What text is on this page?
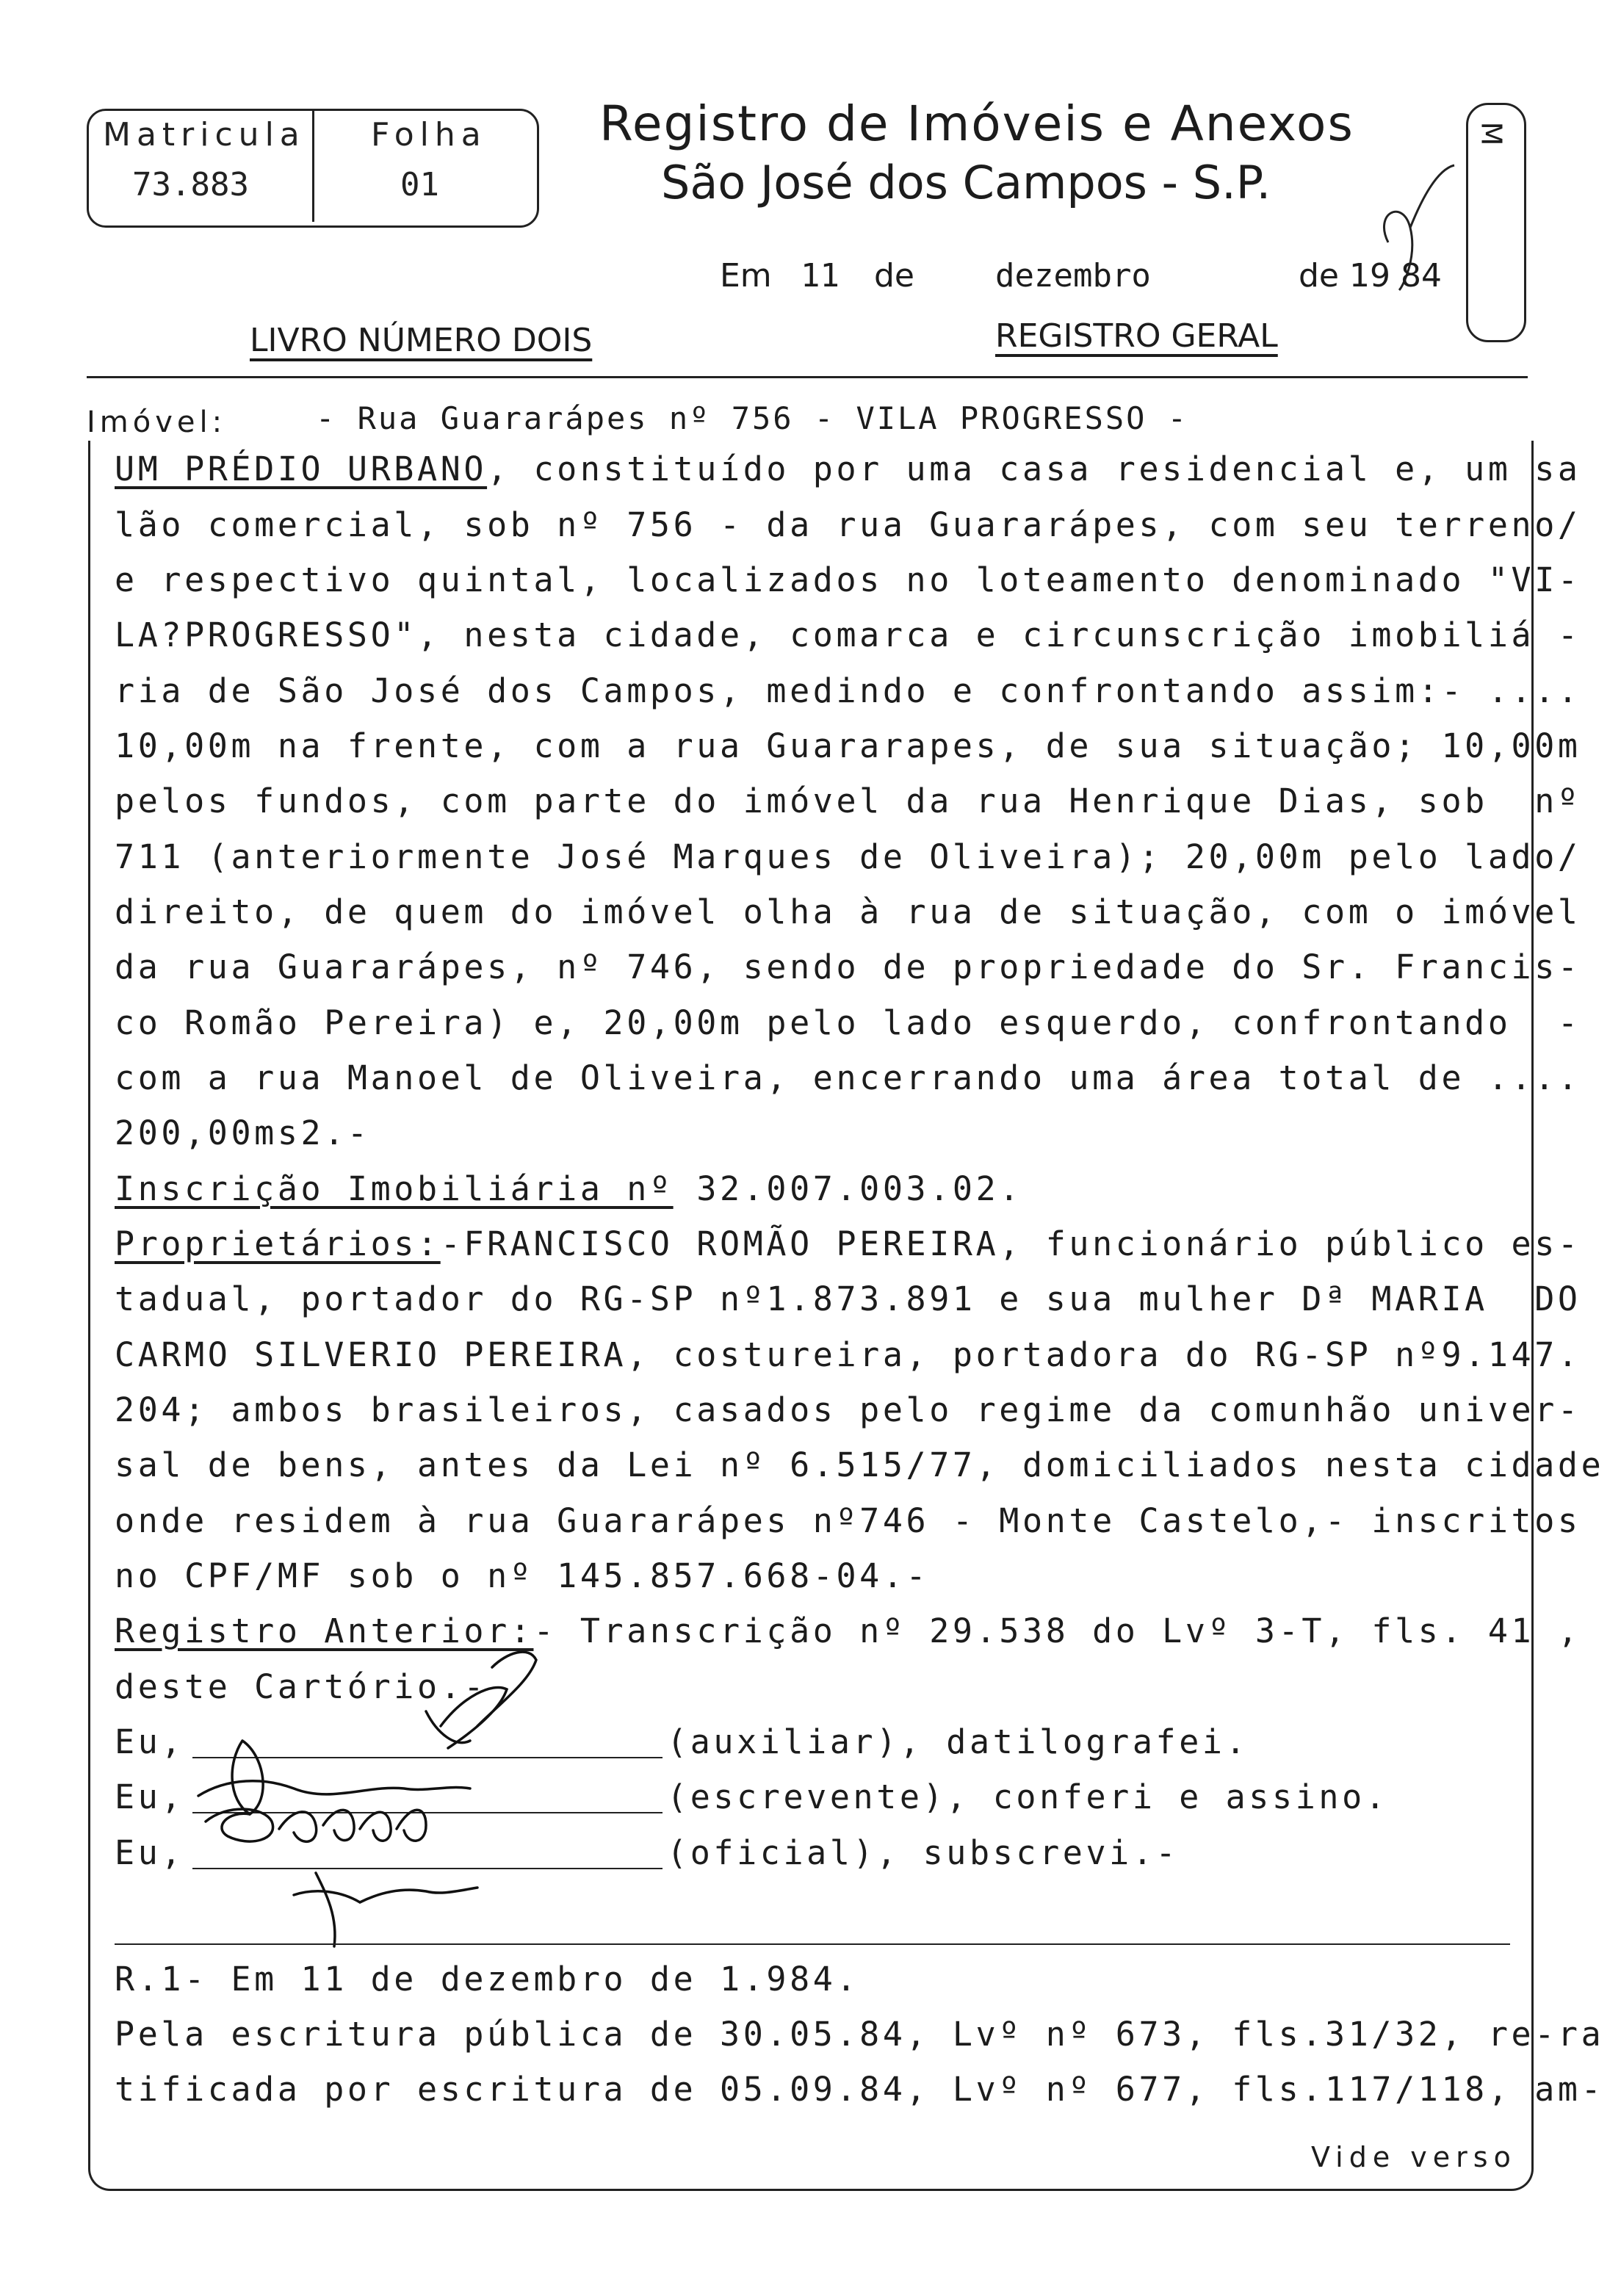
Matricula Folha
73.883	01
Registro de Imóveis e Anexos
São José dos Campos - S.P.
M
Em 11 de	dezembro	de 19 84
LIVRO NÚMERO DOIS	REGISTRO GERAL
Imóvel:	- Rua Guararápes nº 756 - VILA PROGRESSO -
UM PRÉDIO URBANO, constituído por uma casa residencial e, um sa
lão comercial, sob nº 756 - da rua Guararápes, com seu terreno/
e respectivo quintal, localizados no loteamento denominado "VI-
LA?PROGRESSO", nesta cidade, comarca e circunscrição imobiliá -
ria de São José dos Campos, medindo e confrontando assim:- ....
10,00m na frente, com a rua Guararapes, de sua situação; 10,00m
pelos fundos, com parte do imóvel da rua Henrique Dias, sob  nº
711 (anteriormente José Marques de Oliveira); 20,00m pelo lado/
direito, de quem do imóvel olha à rua de situação, com o imóvel
da rua Guararápes, nº 746, sendo de propriedade do Sr. Francis-
co Romão Pereira) e, 20,00m pelo lado esquerdo, confrontando  -
com a rua Manoel de Oliveira, encerrando uma área total de ....
200,00ms2.-
Inscrição Imobiliária nº 32.007.003.02.
Proprietários:-FRANCISCO ROMÃO PEREIRA, funcionário público es-
tadual, portador do RG-SP nº1.873.891 e sua mulher Dª MARIA  DO
CARMO SILVERIO PEREIRA, costureira, portadora do RG-SP nº9.147.
204; ambos brasileiros, casados pelo regime da comunhão univer-
sal de bens, antes da Lei nº 6.515/77, domiciliados nesta cidade
onde residem à rua Guararápes nº746 - Monte Castelo,- inscritos
no CPF/MF sob o nº 145.857.668-04.-
Registro Anterior:- Transcrição nº 29.538 do Lvº 3-T, fls. 41 ,
deste Cartório.-
Eu,	(auxiliar), datilografei.
Eu,	(escrevente), conferi e assino.
Eu,	(oficial), subscrevi.-
R.1- Em 11 de dezembro de 1.984.
Pela escritura pública de 30.05.84, Lvº nº 673, fls.31/32, re-ra
tificada por escritura de 05.09.84, Lvº nº 677, fls.117/118, am-
Vide verso
